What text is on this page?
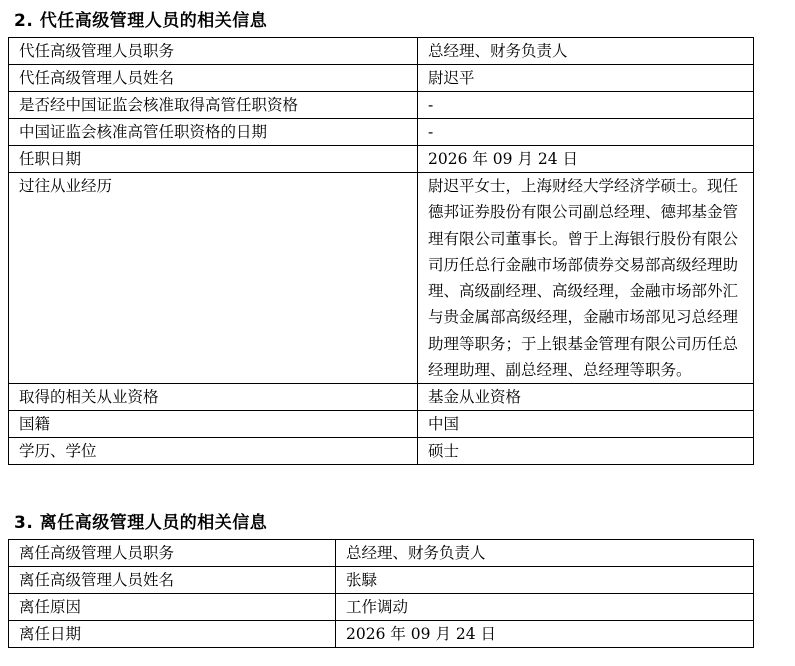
2. 代任高级管理人员的相关信息
代任高级管理人员职务	总经理、财务负责人
代任高级管理人员姓名	尉迟平
是否经中国证监会核准取得高管任职资格	-
中国证监会核准高管任职资格的日期	-
任职日期	2026 年 09 月 24 日
过往从业经历	尉迟平女士，上海财经大学经济学硕士。现任德邦证券股份有限公司副总经理、德邦基金管理有限公司董事长。曾于上海银行股份有限公司历任总行金融市场部债券交易部高级经理助理、高级副经理、高级经理，金融市场部外汇与贵金属部高级经理，金融市场部见习总经理助理等职务；于上银基金管理有限公司历任总经理助理、副总经理、总经理等职务。
取得的相关从业资格	基金从业资格
国籍	中国
学历、学位	硕士
3. 离任高级管理人员的相关信息
离任高级管理人员职务	总经理、财务负责人
离任高级管理人员姓名	张騄
离任原因	工作调动
离任日期	2026 年 09 月 24 日
